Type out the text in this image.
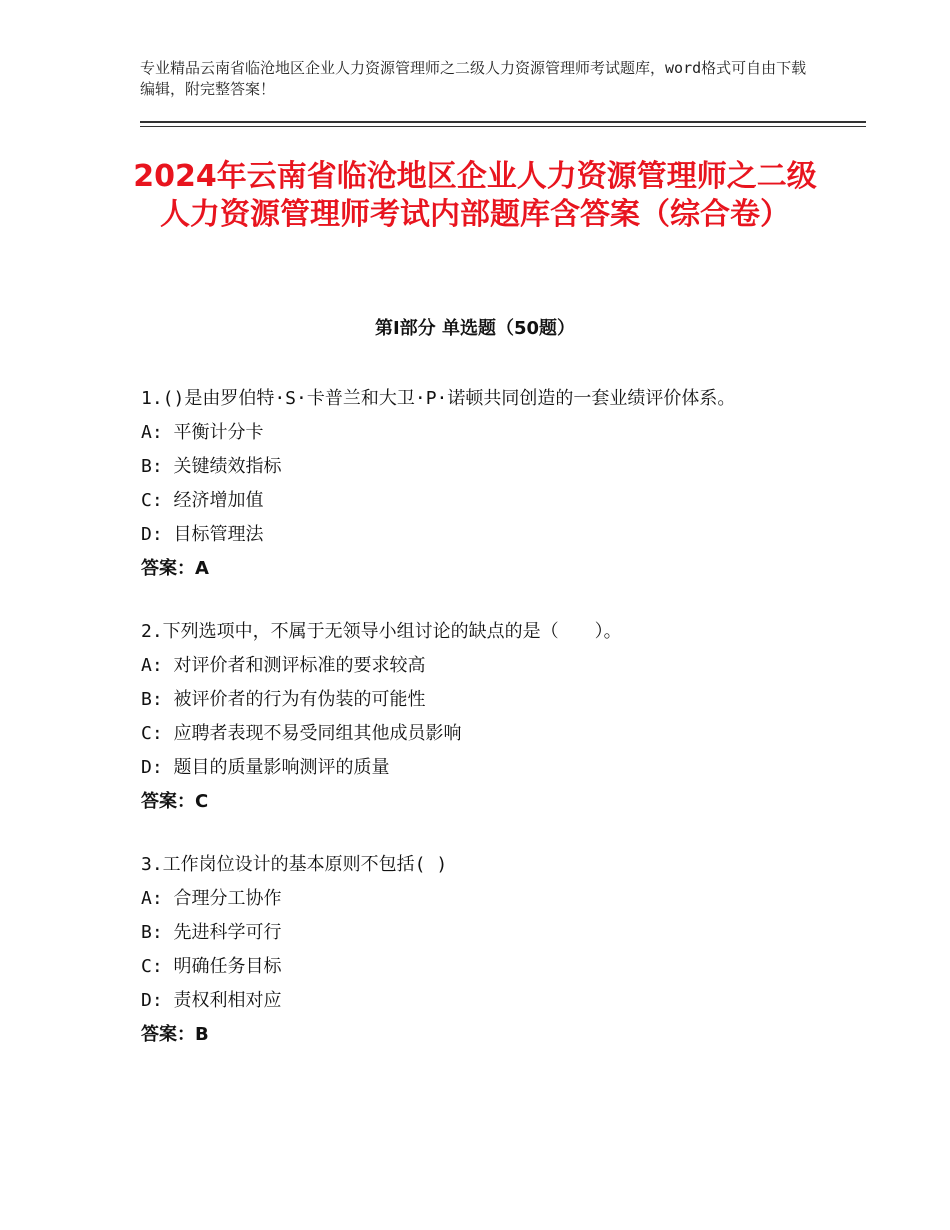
专业精品云南省临沧地区企业人力资源管理师之二级人力资源管理师考试题库，word格式可自由下载编辑，附完整答案！
2024年云南省临沧地区企业人力资源管理师之二级人力资源管理师考试内部题库含答案（综合卷）
第Ⅰ部分 单选题（50题）
1.()是由罗伯特·S·卡普兰和大卫·P·诺顿共同创造的一套业绩评价体系。
A: 平衡计分卡
B: 关键绩效指标
C: 经济增加值
D: 目标管理法
答案：A
2.下列选项中，不属于无领导小组讨论的缺点的是（　　）。
A: 对评价者和测评标准的要求较高
B: 被评价者的行为有伪装的可能性
C: 应聘者表现不易受同组其他成员影响
D: 题目的质量影响测评的质量
答案：C
3.工作岗位设计的基本原则不包括( )
A: 合理分工协作
B: 先进科学可行
C: 明确任务目标
D: 责权利相对应
答案：B
